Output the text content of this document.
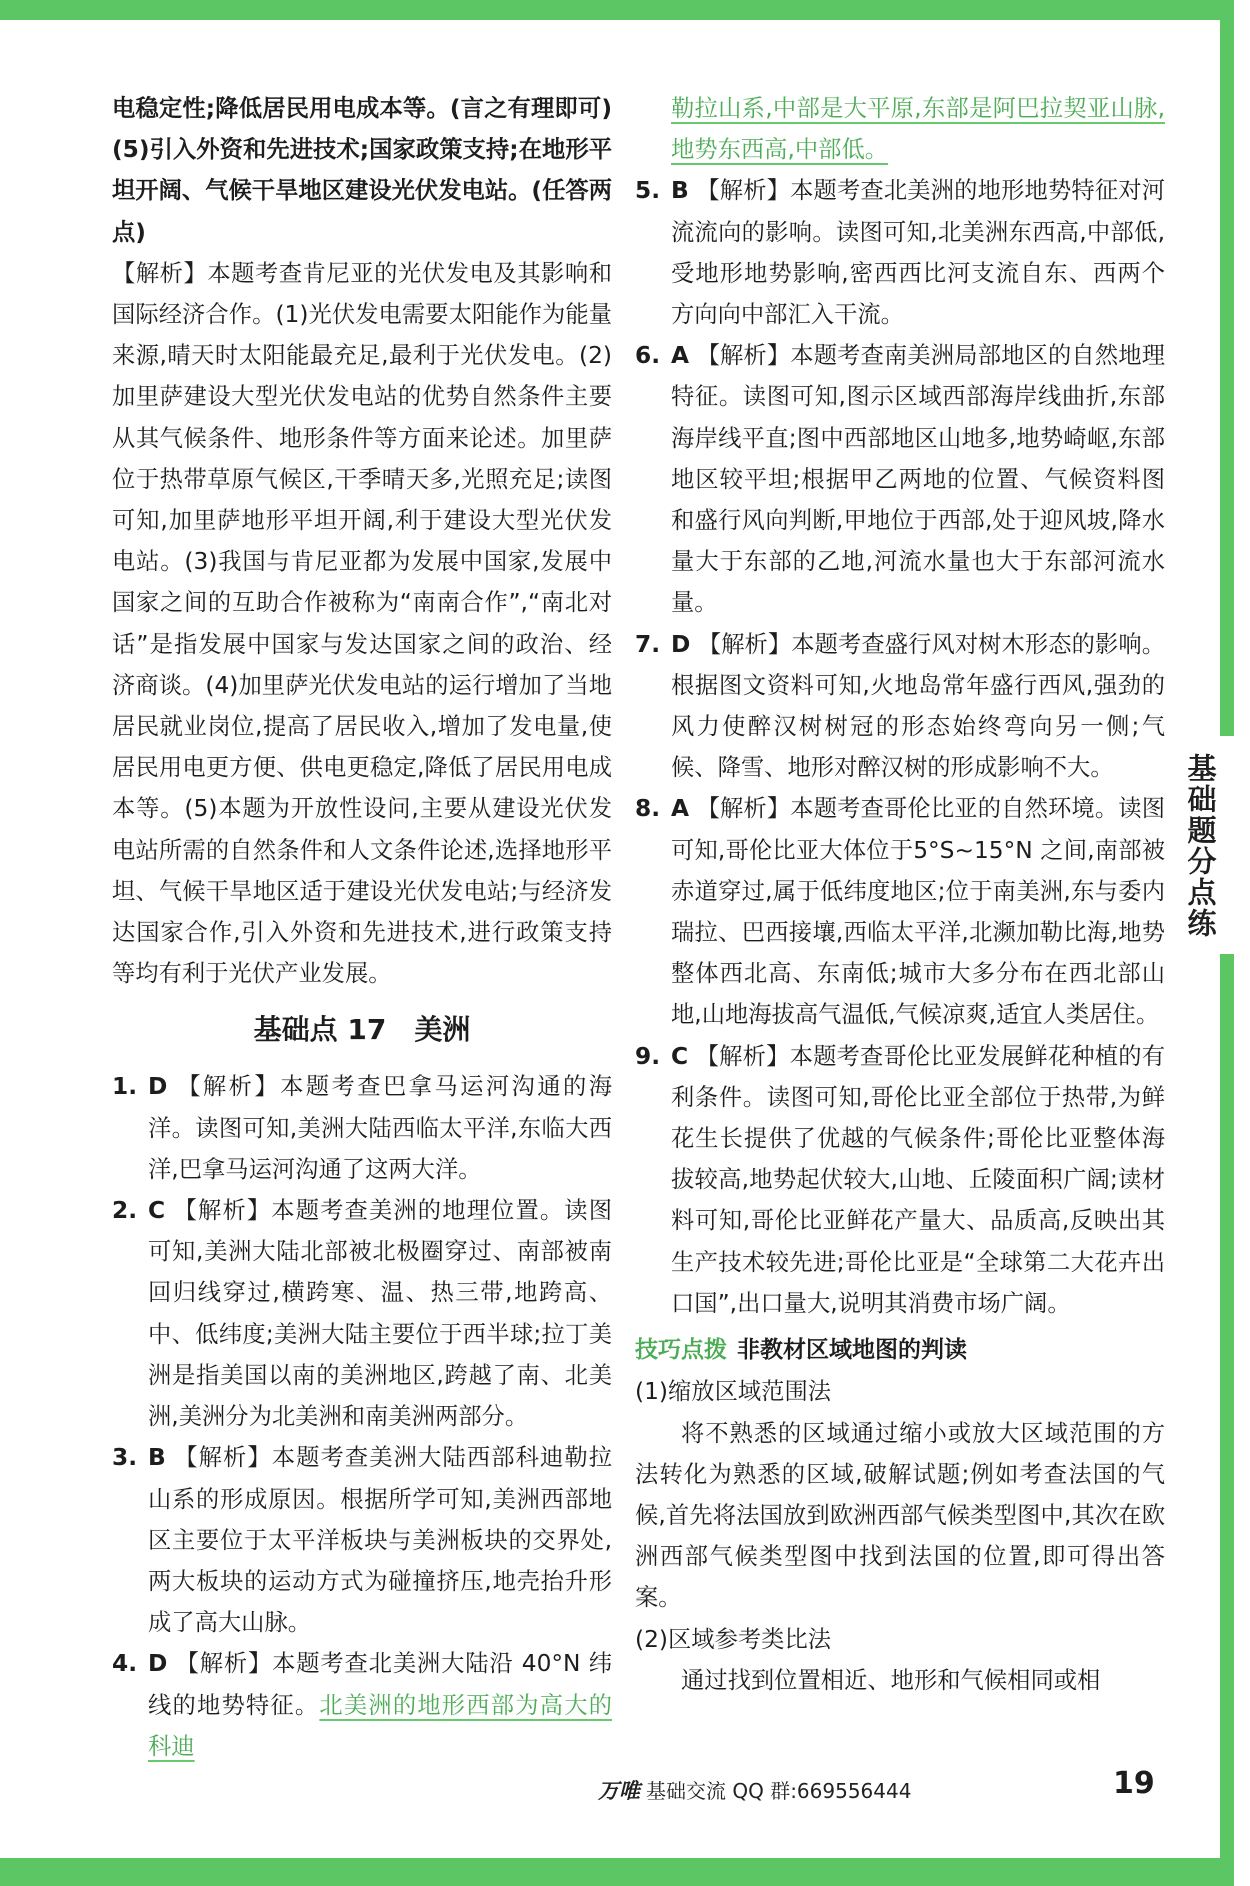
基础题分点练

电稳定性;降低居民用电成本等。(言之有理即可)　(5)引入外资和先进技术;国家政策支持;在地形平坦开阔、气候干旱地区建设光伏发电站。(任答两点)

【解析】本题考查肯尼亚的光伏发电及其影响和国际经济合作。(1)光伏发电需要太阳能作为能量来源,晴天时太阳能最充足,最利于光伏发电。(2)加里萨建设大型光伏发电站的优势自然条件主要从其气候条件、地形条件等方面来论述。加里萨位于热带草原气候区,干季晴天多,光照充足;读图可知,加里萨地形平坦开阔,利于建设大型光伏发电站。(3)我国与肯尼亚都为发展中国家,发展中国家之间的互助合作被称为“南南合作”,“南北对话”是指发展中国家与发达国家之间的政治、经济商谈。(4)加里萨光伏发电站的运行增加了当地居民就业岗位,提高了居民收入,增加了发电量,使居民用电更方便、供电更稳定,降低了居民用电成本等。(5)本题为开放性设问,主要从建设光伏发电站所需的自然条件和人文条件论述,选择地形平坦、气候干旱地区适于建设光伏发电站;与经济发达国家合作,引入外资和先进技术,进行政策支持等均有利于光伏产业发展。

基础点 17　美洲
1. D 【解析】本题考查巴拿马运河沟通的海洋。读图可知,美洲大陆西临太平洋,东临大西洋,巴拿马运河沟通了这两大洋。
2. C 【解析】本题考查美洲的地理位置。读图可知,美洲大陆北部被北极圈穿过、南部被南回归线穿过,横跨寒、温、热三带,地跨高、中、低纬度;美洲大陆主要位于西半球;拉丁美洲是指美国以南的美洲地区,跨越了南、北美洲,美洲分为北美洲和南美洲两部分。
3. B 【解析】本题考查美洲大陆西部科迪勒拉山系的形成原因。根据所学可知,美洲西部地区主要位于太平洋板块与美洲板块的交界处,两大板块的运动方式为碰撞挤压,地壳抬升形成了高大山脉。
4. D 【解析】本题考查北美洲大陆沿 40°N 纬线的地势特征。北美洲的地形西部为高大的科迪

勒拉山系,中部是大平原,东部是阿巴拉契亚山脉,地势东西高,中部低。

5. B 【解析】本题考查北美洲的地形地势特征对河流流向的影响。读图可知,北美洲东西高,中部低,受地形地势影响,密西西比河支流自东、西两个方向向中部汇入干流。
6. A 【解析】本题考查南美洲局部地区的自然地理特征。读图可知,图示区域西部海岸线曲折,东部海岸线平直;图中西部地区山地多,地势崎岖,东部地区较平坦;根据甲乙两地的位置、气候资料图和盛行风向判断,甲地位于西部,处于迎风坡,降水量大于东部的乙地,河流水量也大于东部河流水量。
7. D 【解析】本题考查盛行风对树木形态的影响。根据图文资料可知,火地岛常年盛行西风,强劲的风力使醉汉树树冠的形态始终弯向另一侧;气候、降雪、地形对醉汉树的形成影响不大。
8. A 【解析】本题考查哥伦比亚的自然环境。读图可知,哥伦比亚大体位于5°S~15°N 之间,南部被赤道穿过,属于低纬度地区;位于南美洲,东与委内瑞拉、巴西接壤,西临太平洋,北濒加勒比海,地势整体西北高、东南低;城市大多分布在西北部山地,山地海拔高气温低,气候凉爽,适宜人类居住。
9. C 【解析】本题考查哥伦比亚发展鲜花种植的有利条件。读图可知,哥伦比亚全部位于热带,为鲜花生长提供了优越的气候条件;哥伦比亚整体海拔较高,地势起伏较大,山地、丘陵面积广阔;读材料可知,哥伦比亚鲜花产量大、品质高,反映出其生产技术较先进;哥伦比亚是“全球第二大花卉出口国”,出口量大,说明其消费市场广阔。
技巧点拨 非教材区域地图的判读

(1)缩放区域范围法

将不熟悉的区域通过缩小或放大区域范围的方法转化为熟悉的区域,破解试题;例如考查法国的气候,首先将法国放到欧洲西部气候类型图中,其次在欧洲西部气候类型图中找到法国的位置,即可得出答案。

(2)区域参考类比法

通过找到位置相近、地形和气候相同或相

万唯 基础交流 QQ 群:669556444	19
